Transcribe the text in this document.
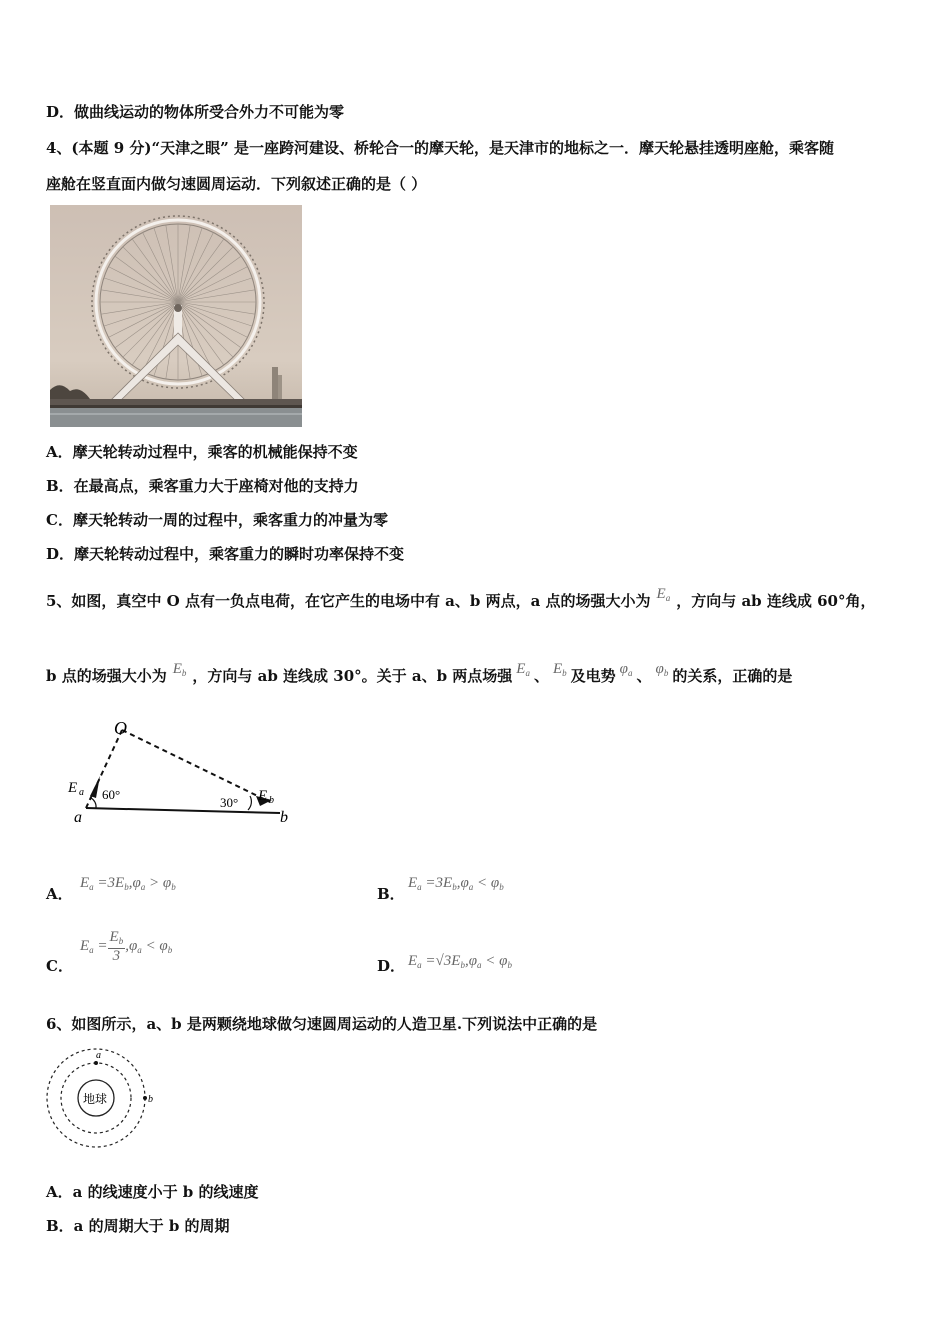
D．做曲线运动的物体所受合外力不可能为零
4、(本题 9 分)“天津之眼” 是一座跨河建设、桥轮合一的摩天轮，是天津市的地标之一．摩天轮悬挂透明座舱，乘客随
座舱在竖直面内做匀速圆周运动．下列叙述正确的是（ ）
A．摩天轮转动过程中，乘客的机械能保持不变
B．在最高点，乘客重力大于座椅对他的支持力
C．摩天轮转动一周的过程中，乘客重力的冲量为零
D．摩天轮转动过程中，乘客重力的瞬时功率保持不变
5、如图，真空中 O 点有一负点电荷，在它产生的电场中有 a、b 两点，a 点的场强大小为 $E_a$ ，方向与 ab 连线成 60°角，
b 点的场强大小为 $E_b$ ，方向与 ab 连线成 30°。关于 a、b 两点场强 $E_a$ 、 $E_b$ 及电势 $\varphi_a$ 、 $\varphi_b$ 的关系，正确的是
O
a	b
E a	E b
60°
30°
A．
$E_a =3E_b,\varphi_a > \varphi_b$	B．
$E_a =3E_b,\varphi_a < \varphi_b$
C．
$E_a = \frac{E_b}{3} ,\varphi_a < \varphi_b$
D． $E_a =√3E_b,\varphi_a < \varphi_b$
6、如图所示，a、b 是两颗绕地球做匀速圆周运动的人造卫星.下列说法中正确的是
地球
a
b
A．a 的线速度小于 b 的线速度
B．a 的周期大于 b 的周期
